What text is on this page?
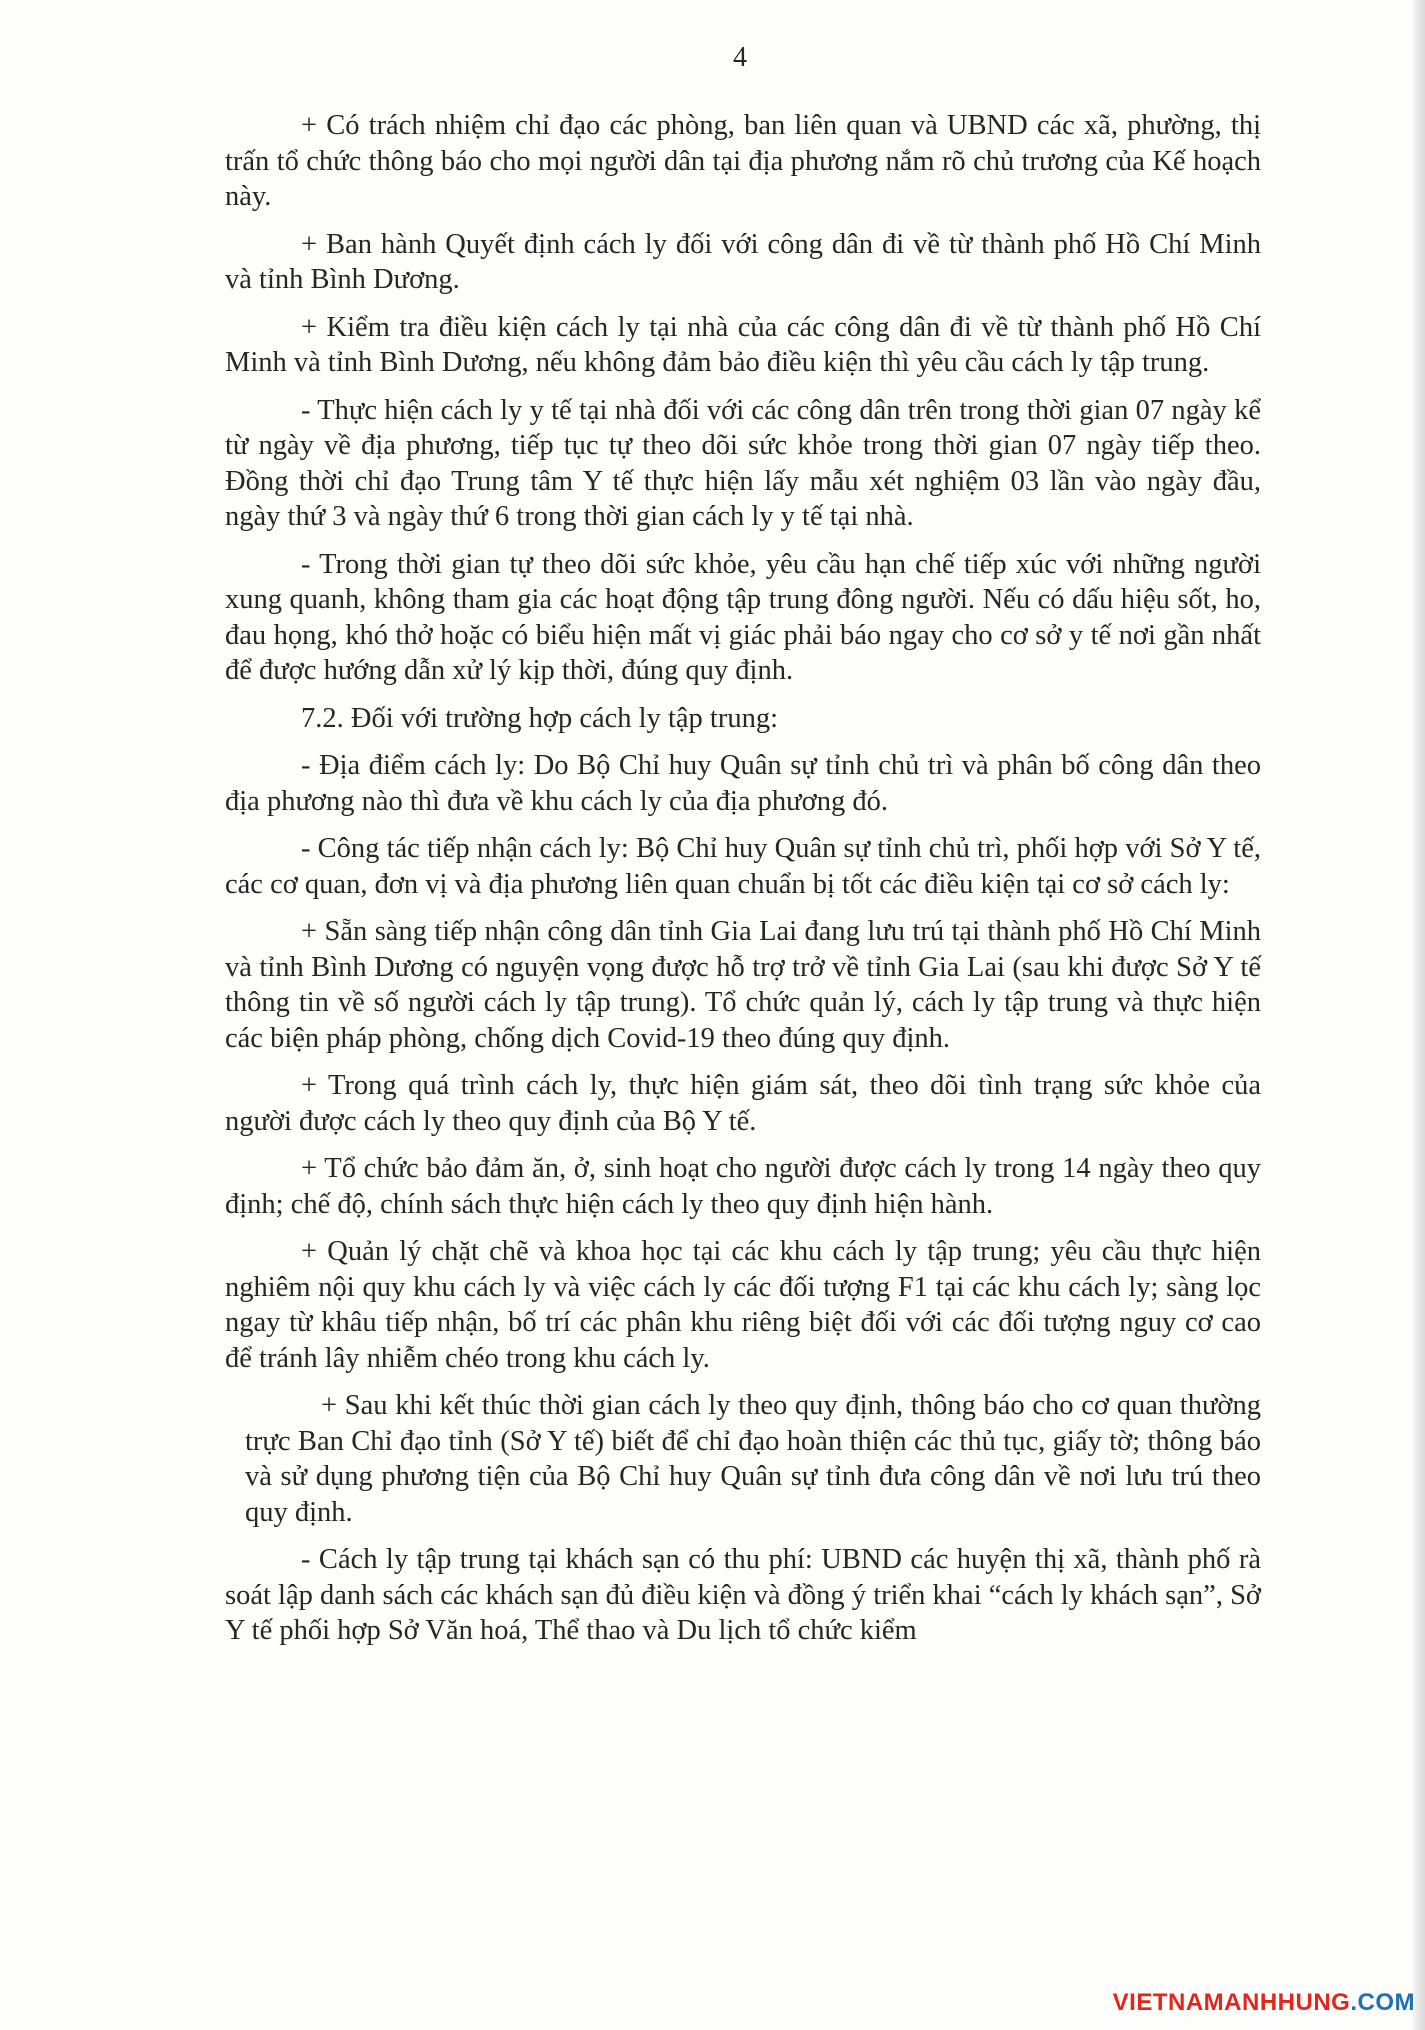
4

+ Có trách nhiệm chỉ đạo các phòng, ban liên quan và UBND các xã, phường, thị trấn tổ chức thông báo cho mọi người dân tại địa phương nắm rõ chủ trương của Kế hoạch này.

+ Ban hành Quyết định cách ly đối với công dân đi về từ thành phố Hồ Chí Minh và tỉnh Bình Dương.

+ Kiểm tra điều kiện cách ly tại nhà của các công dân đi về từ thành phố Hồ Chí Minh và tỉnh Bình Dương, nếu không đảm bảo điều kiện thì yêu cầu cách ly tập trung.

- Thực hiện cách ly y tế tại nhà đối với các công dân trên trong thời gian 07 ngày kể từ ngày về địa phương, tiếp tục tự theo dõi sức khỏe trong thời gian 07 ngày tiếp theo. Đồng thời chỉ đạo Trung tâm Y tế thực hiện lấy mẫu xét nghiệm 03 lần vào ngày đầu, ngày thứ 3 và ngày thứ 6 trong thời gian cách ly y tế tại nhà.

- Trong thời gian tự theo dõi sức khỏe, yêu cầu hạn chế tiếp xúc với những người xung quanh, không tham gia các hoạt động tập trung đông người. Nếu có dấu hiệu sốt, ho, đau họng, khó thở hoặc có biểu hiện mất vị giác phải báo ngay cho cơ sở y tế nơi gần nhất để được hướng dẫn xử lý kịp thời, đúng quy định.

7.2. Đối với trường hợp cách ly tập trung:

- Địa điểm cách ly: Do Bộ Chỉ huy Quân sự tỉnh chủ trì và phân bố công dân theo địa phương nào thì đưa về khu cách ly của địa phương đó.

- Công tác tiếp nhận cách ly: Bộ Chỉ huy Quân sự tỉnh chủ trì, phối hợp với Sở Y tế, các cơ quan, đơn vị và địa phương liên quan chuẩn bị tốt các điều kiện tại cơ sở cách ly:

+ Sẵn sàng tiếp nhận công dân tỉnh Gia Lai đang lưu trú tại thành phố Hồ Chí Minh và tỉnh Bình Dương có nguyện vọng được hỗ trợ trở về tỉnh Gia Lai (sau khi được Sở Y tế thông tin về số người cách ly tập trung). Tổ chức quản lý, cách ly tập trung và thực hiện các biện pháp phòng, chống dịch Covid-19 theo đúng quy định.

+ Trong quá trình cách ly, thực hiện giám sát, theo dõi tình trạng sức khỏe của người được cách ly theo quy định của Bộ Y tế.

+ Tổ chức bảo đảm ăn, ở, sinh hoạt cho người được cách ly trong 14 ngày theo quy định; chế độ, chính sách thực hiện cách ly theo quy định hiện hành.

+ Quản lý chặt chẽ và khoa học tại các khu cách ly tập trung; yêu cầu thực hiện nghiêm nội quy khu cách ly và việc cách ly các đối tượng F1 tại các khu cách ly; sàng lọc ngay từ khâu tiếp nhận, bố trí các phân khu riêng biệt đối với các đối tượng nguy cơ cao để tránh lây nhiễm chéo trong khu cách ly.

+ Sau khi kết thúc thời gian cách ly theo quy định, thông báo cho cơ quan thường trực Ban Chỉ đạo tỉnh (Sở Y tế) biết để chỉ đạo hoàn thiện các thủ tục, giấy tờ; thông báo và sử dụng phương tiện của Bộ Chỉ huy Quân sự tỉnh đưa công dân về nơi lưu trú theo quy định.

- Cách ly tập trung tại khách sạn có thu phí: UBND các huyện thị xã, thành phố rà soát lập danh sách các khách sạn đủ điều kiện và đồng ý triển khai “cách ly khách sạn”, Sở Y tế phối hợp Sở Văn hoá, Thể thao và Du lịch tổ chức kiểm

VIETNAMANHHUNG.COM
